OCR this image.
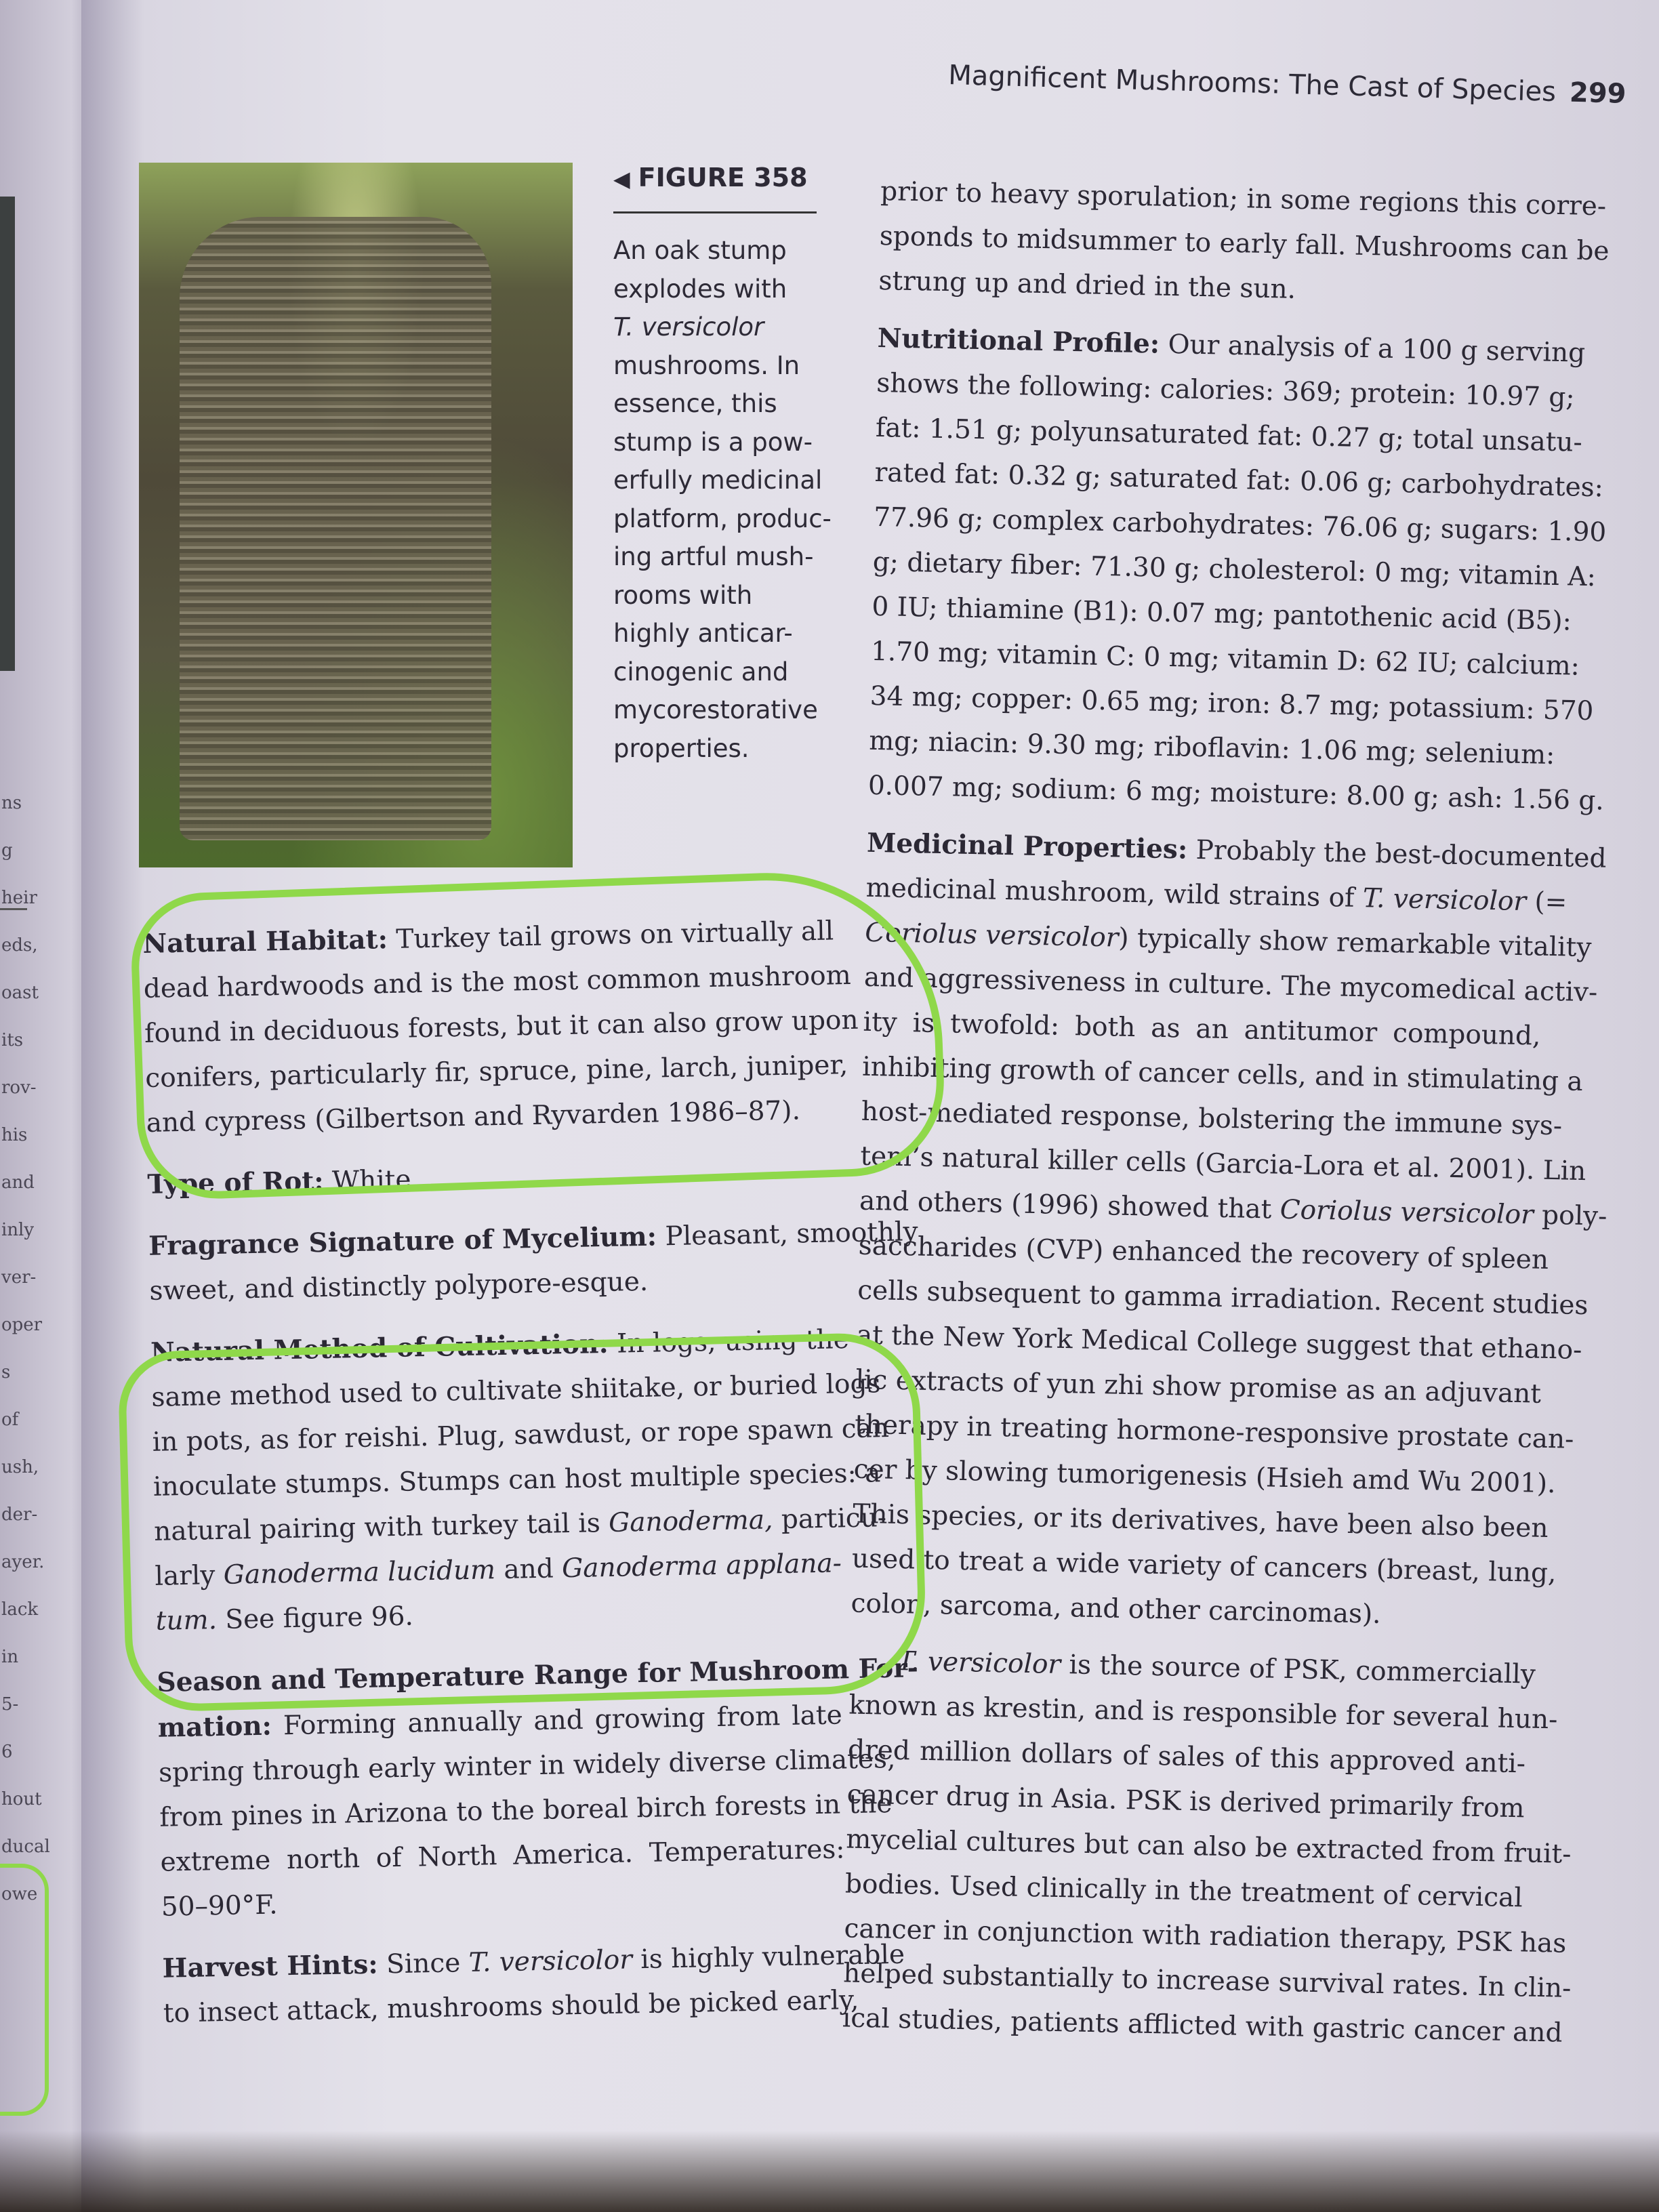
ns
g
heir
eds,
oast
its
rov-
his
and
inly
ver-
oper
s of
ush,
der-
ayer.
lack
in
5-6
hout
ducal
owe
Magnificent Mushrooms: The Cast of Species 299
◀ FIGURE 358
An oak stump
explodes with
T. versicolor
mushrooms. In
essence, this
stump is a pow-
erfully medicinal
platform, produc-
ing artful mush-
rooms with
highly anticar-
cinogenic and
mycorestorative
properties.
Natural Habitat: Turkey tail grows on virtually all
dead hardwoods and is the most common mushroom
found in deciduous forests, but it can also grow upon
conifers, particularly fir, spruce, pine, larch, juniper,
and cypress (Gilbertson and Ryvarden 1986–87).
Type of Rot: White.
Fragrance Signature of Mycelium: Pleasant, smoothly
sweet, and distinctly polypore-esque.
Natural Method of Cultivation: In logs, using the
same method used to cultivate shiitake, or buried logs
in pots, as for reishi. Plug, sawdust, or rope spawn can
inoculate stumps. Stumps can host multiple species: a
natural pairing with turkey tail is Ganoderma, particu-
larly Ganoderma lucidum and Ganoderma applana-
tum. See figure 96.
Season and Temperature Range for Mushroom For-
mation: Forming annually and growing from late
spring through early winter in widely diverse climates,
from pines in Arizona to the boreal birch forests in the
extreme north of North America. Temperatures:
50–90°F.
Harvest Hints: Since T. versicolor is highly vulnerable
to insect attack, mushrooms should be picked early,
prior to heavy sporulation; in some regions this corre-
sponds to midsummer to early fall. Mushrooms can be
strung up and dried in the sun.
Nutritional Profile: Our analysis of a 100 g serving
shows the following: calories: 369; protein: 10.97 g;
fat: 1.51 g; polyunsaturated fat: 0.27 g; total unsatu-
rated fat: 0.32 g; saturated fat: 0.06 g; carbohydrates:
77.96 g; complex carbohydrates: 76.06 g; sugars: 1.90
g; dietary fiber: 71.30 g; cholesterol: 0 mg; vitamin A:
0 IU; thiamine (B1): 0.07 mg; pantothenic acid (B5):
1.70 mg; vitamin C: 0 mg; vitamin D: 62 IU; calcium:
34 mg; copper: 0.65 mg; iron: 8.7 mg; potassium: 570
mg; niacin: 9.30 mg; riboflavin: 1.06 mg; selenium:
0.007 mg; sodium: 6 mg; moisture: 8.00 g; ash: 1.56 g.
Medicinal Properties: Probably the best-documented
medicinal mushroom, wild strains of T. versicolor (=
Coriolus versicolor) typically show remarkable vitality
and aggressiveness in culture. The mycomedical activ-
ity is twofold: both as an antitumor compound,
inhibiting growth of cancer cells, and in stimulating a
host-mediated response, bolstering the immune sys-
tem’s natural killer cells (Garcia-Lora et al. 2001). Lin
and others (1996) showed that Coriolus versicolor poly-
saccharides (CVP) enhanced the recovery of spleen
cells subsequent to gamma irradiation. Recent studies
at the New York Medical College suggest that ethano-
lic extracts of yun zhi show promise as an adjuvant
therapy in treating hormone-responsive prostate can-
cer by slowing tumorigenesis (Hsieh amd Wu 2001).
This species, or its derivatives, have been also been
used to treat a wide variety of cancers (breast, lung,
colon, sarcoma, and other carcinomas).
T. versicolor is the source of PSK, commercially
known as krestin, and is responsible for several hun-
dred million dollars of sales of this approved anti-
cancer drug in Asia. PSK is derived primarily from
mycelial cultures but can also be extracted from fruit-
bodies. Used clinically in the treatment of cervical
cancer in conjunction with radiation therapy, PSK has
helped substantially to increase survival rates. In clin-
ical studies, patients afflicted with gastric cancer and
